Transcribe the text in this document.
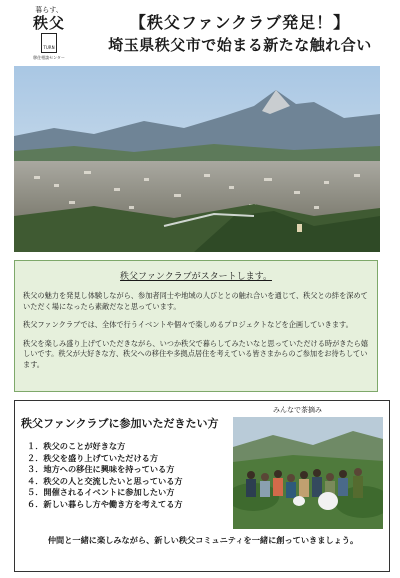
暮らす、
秩父
TURN
移住相談センター
【秩父ファンクラブ発足！】
埼玉県秩父市で始まる新たな触れ合い
秩父ファンクラブがスタートします。

秩父の魅力を発見し体験しながら、参加者同士や地域の人びととの触れ合いを通じて、秩父との絆を深めていただく場になったら素敵だなと思っています。

秩父ファンクラブでは、全体で行うイベントや個々で楽しめるプロジェクトなどを企画していきます。

秩父を楽しみ盛り上げていただきながら、いつか秩父で暮らしてみたいなと思っていただける時がきたら嬉しいです。秩父が大好きな方、秩父への移住や多拠点居住を考えている皆さまからのご参加をお待ちしています。

秩父ファンクラブに参加いただきたい方
１．秩父のことが好きな方
２．秩父を盛り上げていただける方
３．地方への移住に興味を持っている方
４．秩父の人と交流したいと思っている方
５．開催されるイベントに参加したい方
６．新しい暮らし方や働き方を考えてる方
みんなで茶摘み
仲間と一緒に楽しみながら、新しい秩父コミュニティを一緒に創っていきましょう。
